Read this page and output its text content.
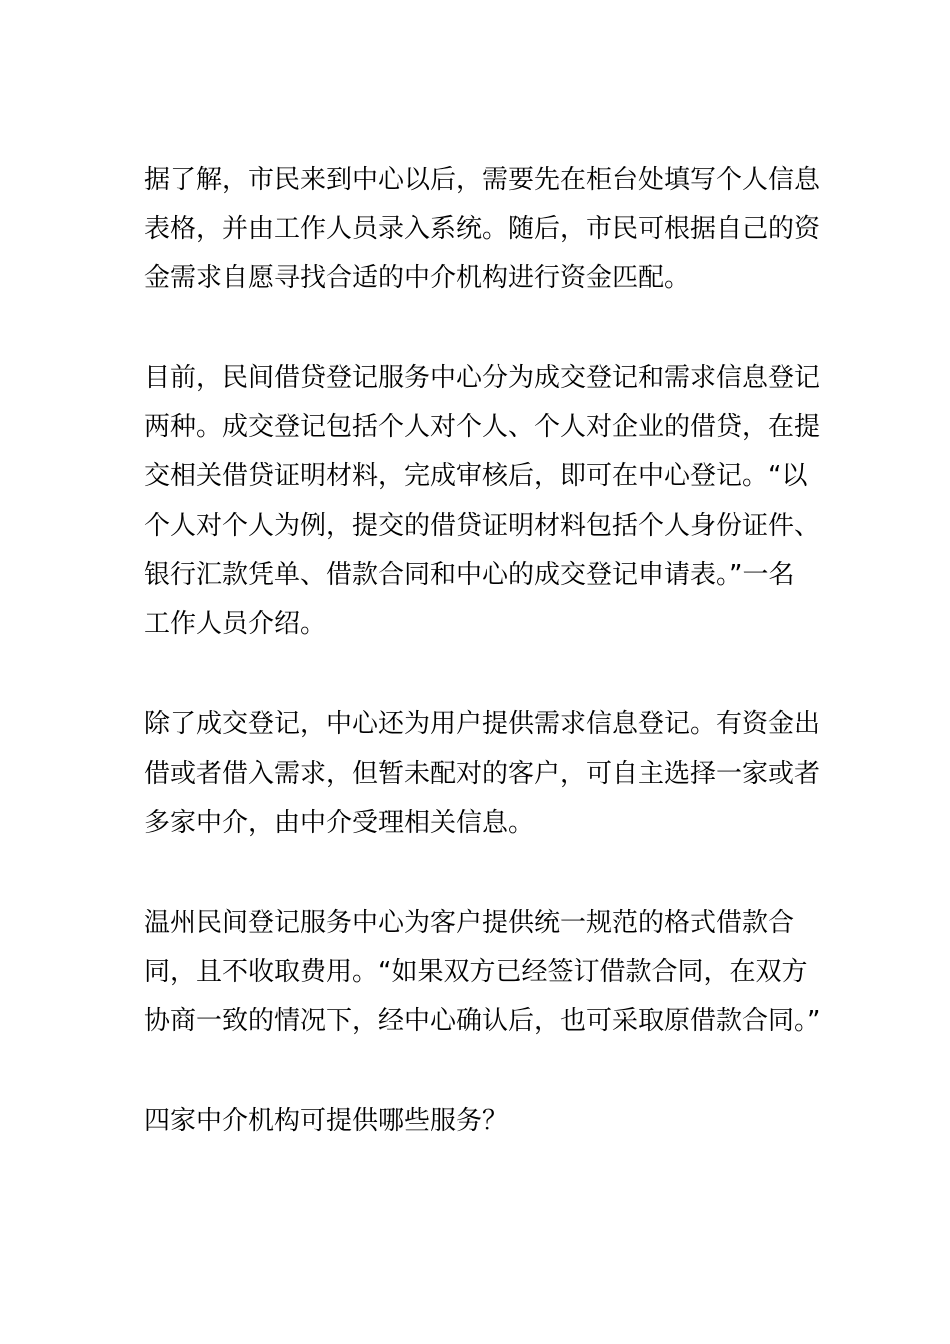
据了解，市民来到中心以后，需要先在柜台处填写个人信息
表格，并由工作人员录入系统。随后，市民可根据自己的资
金需求自愿寻找合适的中介机构进行资金匹配。
目前，民间借贷登记服务中心分为成交登记和需求信息登记
两种。成交登记包括个人对个人、个人对企业的借贷，在提
交相关借贷证明材料，完成审核后，即可在中心登记。“以
个人对个人为例，提交的借贷证明材料包括个人身份证件、
银行汇款凭单、借款合同和中心的成交登记申请表。”一名
工作人员介绍。
除了成交登记，中心还为用户提供需求信息登记。有资金出
借或者借入需求，但暂未配对的客户，可自主选择一家或者
多家中介，由中介受理相关信息。
温州民间登记服务中心为客户提供统一规范的格式借款合
同，且不收取费用。“如果双方已经签订借款合同，在双方
协商一致的情况下，经中心确认后，也可采取原借款合同。”
四家中介机构可提供哪些服务？
